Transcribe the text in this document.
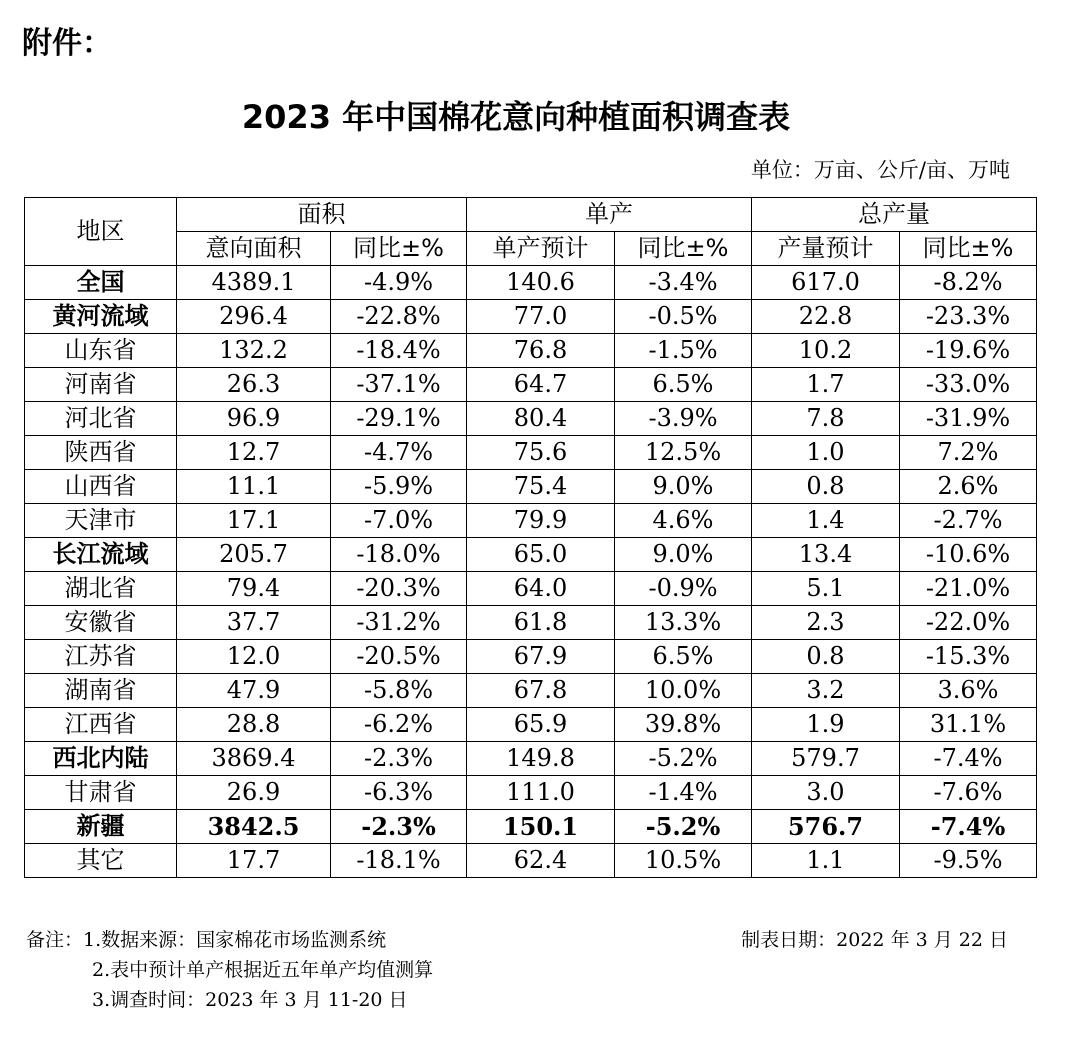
附件：
2023 年中国棉花意向种植面积调查表
单位：万亩、公斤/亩、万吨
地区	面积		单产		总产量	
	意向面积	同比±%	单产预计	同比±%	产量预计	同比±%
全国	4389.1	-4.9%	140.6	-3.4%	617.0	-8.2%
黄河流域	296.4	-22.8%	77.0	-0.5%	22.8	-23.3%
山东省	132.2	-18.4%	76.8	-1.5%	10.2	-19.6%
河南省	26.3	-37.1%	64.7	6.5%	1.7	-33.0%
河北省	96.9	-29.1%	80.4	-3.9%	7.8	-31.9%
陕西省	12.7	-4.7%	75.6	12.5%	1.0	7.2%
山西省	11.1	-5.9%	75.4	9.0%	0.8	2.6%
天津市	17.1	-7.0%	79.9	4.6%	1.4	-2.7%
长江流域	205.7	-18.0%	65.0	9.0%	13.4	-10.6%
湖北省	79.4	-20.3%	64.0	-0.9%	5.1	-21.0%
安徽省	37.7	-31.2%	61.8	13.3%	2.3	-22.0%
江苏省	12.0	-20.5%	67.9	6.5%	0.8	-15.3%
湖南省	47.9	-5.8%	67.8	10.0%	3.2	3.6%
江西省	28.8	-6.2%	65.9	39.8%	1.9	31.1%
西北内陆	3869.4	-2.3%	149.8	-5.2%	579.7	-7.4%
甘肃省	26.9	-6.3%	111.0	-1.4%	3.0	-7.6%
新疆	3842.5	-2.3%	150.1	-5.2%	576.7	-7.4%
其它	17.7	-18.1%	62.4	10.5%	1.1	-9.5%
备注：1.数据来源：国家棉花市场监测系统
2.表中预计单产根据近五年单产均值测算
3.调查时间：2023 年 3 月 11-20 日
制表日期：2022 年 3 月 22 日
